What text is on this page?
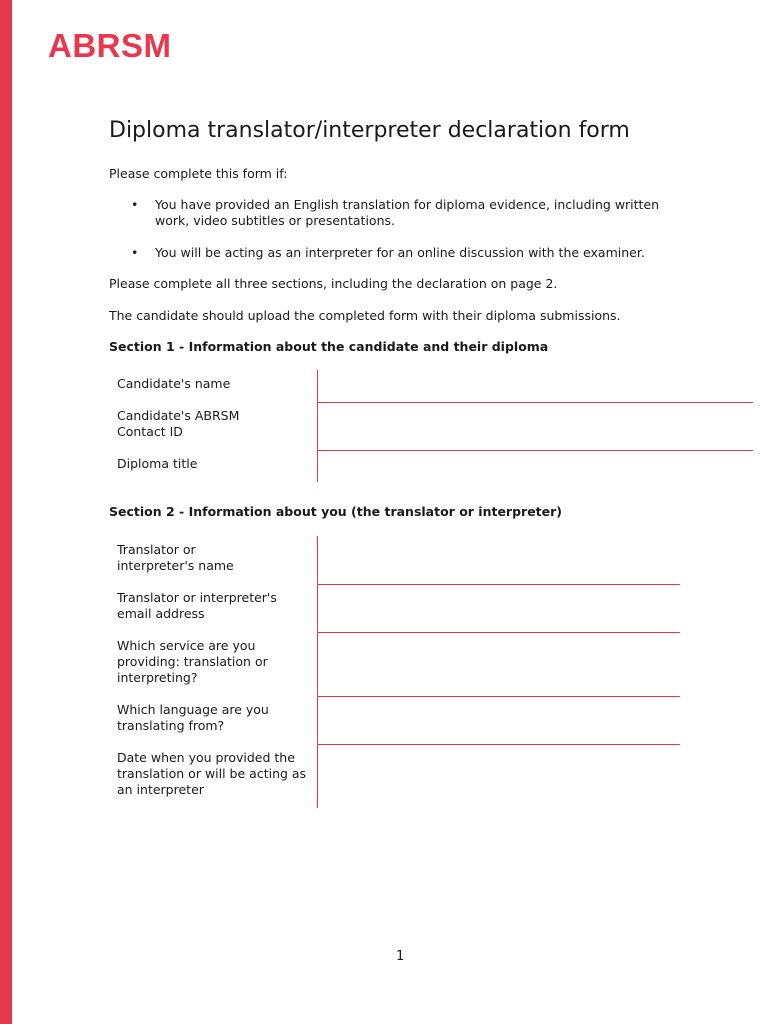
ABRSM
Diploma translator/interpreter declaration form

Please complete this form if:

• You have provided an English translation for diploma evidence, including written work, video subtitles or presentations.
• You will be acting as an interpreter for an online discussion with the examiner.

Please complete all three sections, including the declaration on page 2.

The candidate should upload the completed form with their diploma submissions.

Section 1 - Information about the candidate and their diploma
Candidate's name	
Candidate's ABRSM Contact ID	
Diploma title	
Section 2 - Information about you (the translator or interpreter)
Translator or interpreter's name	
Translator or interpreter's email address	
Which service are you providing: translation or interpreting?	
Which language are you translating from?	
Date when you provided the translation or will be acting as an interpreter	

1
